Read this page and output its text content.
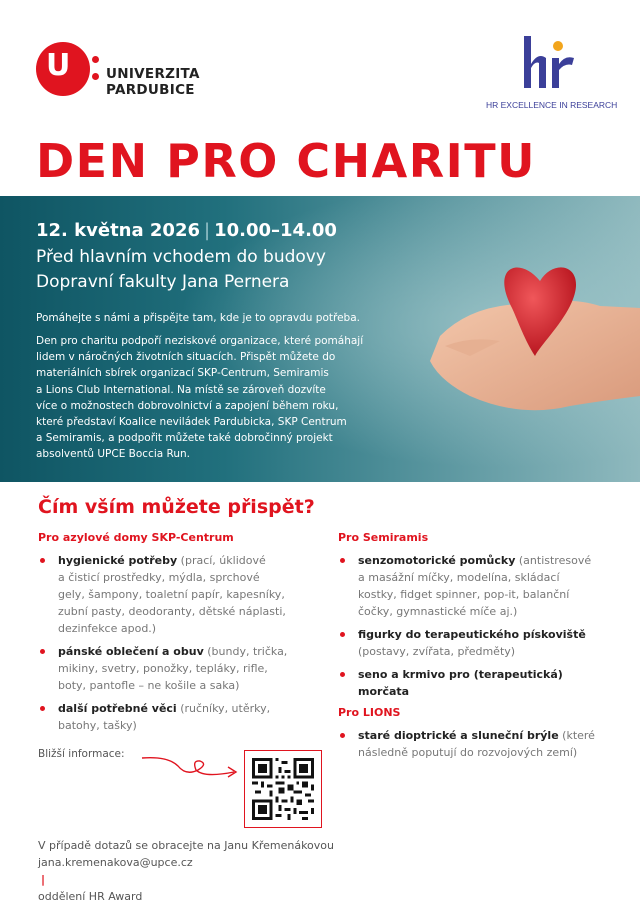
U	UNIVERZITA
PARDUBICE
HR EXCELLENCE IN RESEARCH
DEN PRO CHARITU
12. května 2026 | 10.00–14.00
Před hlavním vchodem do budovy
Dopravní fakulty Jana Pernera
Pomáhejte s námi a přispějte tam, kde je to opravdu potřeba.
Den pro charitu podpoří neziskové organizace, které pomáhají
lidem v náročných životních situacích. Přispět můžete do
materiálních sbírek organizací SKP-Centrum, Semiramis
a Lions Club International. Na místě se zároveň dozvíte
více o možnostech dobrovolnictví a zapojení během roku,
které představí Koalice neviládek Pardubicka, SKP Centrum
a Semiramis, a podpořit můžete také dobročinný projekt
absolventů UPCE Boccia Run.
Čím vším můžete přispět?
Pro azylové domy SKP-Centrum
hygienické potřeby (prací, úklidové
a čisticí prostředky, mýdla, sprchové
gely, šampony, toaletní papír, kapesníky,
zubní pasty, deodoranty, dětské náplasti,
dezinfekce apod.)
pánské oblečení a obuv (bundy, trička,
mikiny, svetry, ponožky, tepláky, rifle,
boty, pantofle – ne košile a saka)
další potřebné věci (ručníky, utěrky,
batohy, tašky)
Pro Semiramis
senzomotorické pomůcky (antistresové
a masážní míčky, modelína, skládací
kostky, fidget spinner, pop-it, balanční
čočky, gymnastické míče aj.)
figurky do terapeutického pískoviště
(postavy, zvířata, předměty)
seno a krmivo pro (terapeutická)
morčata
Pro LIONS
staré dioptrické a sluneční brýle (které
následně poputují do rozvojových zemí)
Bližší informace:
V případě dotazů se obracejte na Janu Křemenákovou
jana.kremenakova@upce.cz
|
oddělení HR Award
